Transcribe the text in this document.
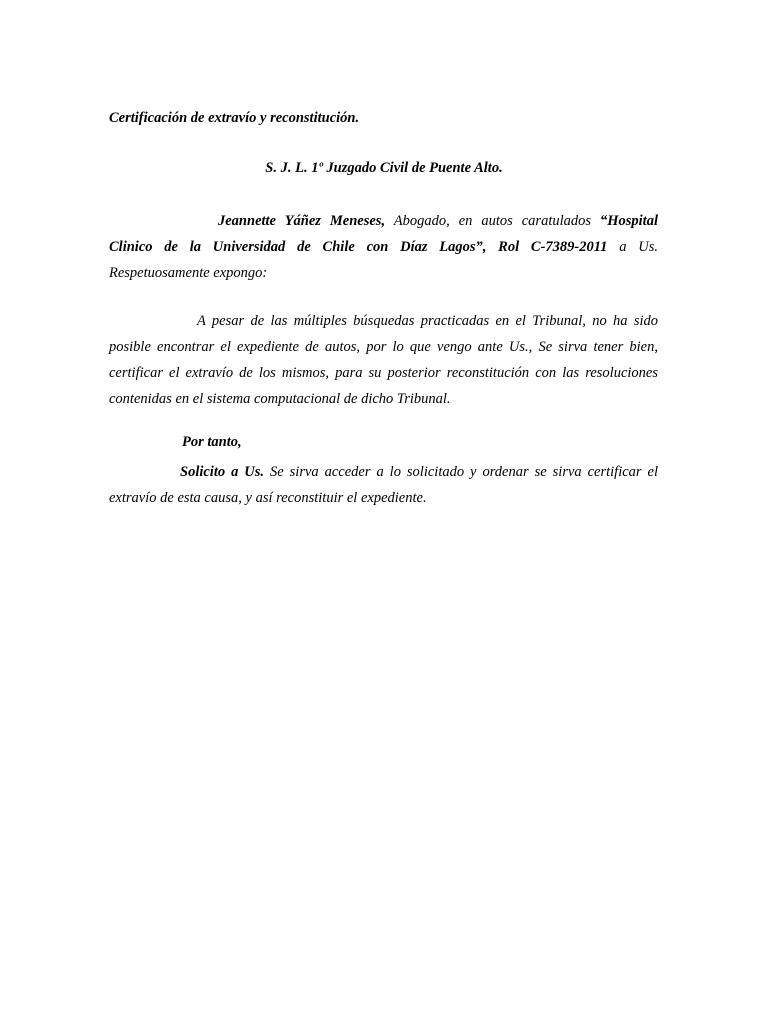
Certificación de extravío y reconstitución.
S. J. L. 1º Juzgado Civil de Puente Alto.
Jeannette Yáñez Meneses, Abogado, en autos caratulados “Hospital Clinico de la Universidad de Chile con Díaz Lagos”, Rol C-7389-2011 a Us. Respetuosamente expongo:
A pesar de las múltiples búsquedas practicadas en el Tribunal, no ha sido posible encontrar el expediente de autos, por lo que vengo ante Us., Se sirva tener bien, certificar el extravío de los mismos, para su posterior reconstitución con las resoluciones contenidas en el sistema computacional de dicho Tribunal.
Por tanto,
Solicito a Us. Se sirva acceder a lo solicitado y ordenar se sirva certificar el extravío de esta causa, y así reconstituir el expediente.
